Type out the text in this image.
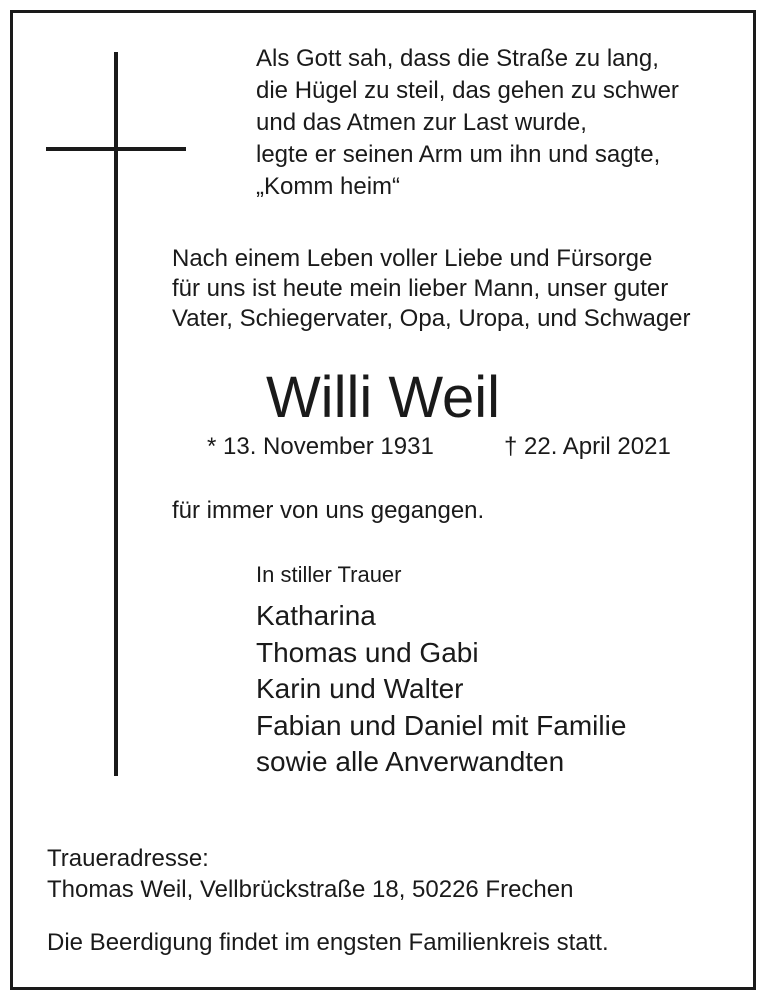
Als Gott sah, dass die Straße zu lang,
die Hügel zu steil, das gehen zu schwer
und das Atmen zur Last wurde,
legte er seinen Arm um ihn und sagte,
„Komm heim“
Nach einem Leben voller Liebe und Fürsorge
für uns ist heute mein lieber Mann, unser guter
Vater, Schiegervater, Opa, Uropa, und Schwager
Willi Weil
* 13. November 1931	† 22. April 2021
für immer von uns gegangen.
In stiller Trauer
Katharina
Thomas und Gabi
Karin und Walter
Fabian und Daniel mit Familie
sowie alle Anverwandten
Traueradresse:
Thomas Weil, Vellbrückstraße 18, 50226 Frechen
Die Beerdigung findet im engsten Familienkreis statt.
